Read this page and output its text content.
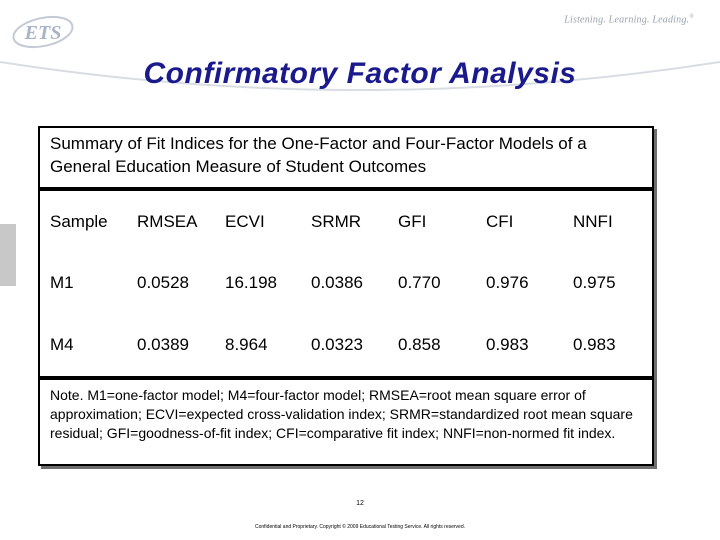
ETS
Listening. Learning. Leading.®
Confirmatory Factor Analysis
Summary of Fit Indices for the One-Factor and Four-Factor Models of a General Education Measure of Student Outcomes
Sample	RMSEA	ECVI	SRMR	GFI	CFI	NNFI
M1	0.0528	16.198	0.0386	0.770	0.976	0.975
M4	0.0389	8.964	0.0323	0.858	0.983	0.983
Note. M1=one-factor model; M4=four-factor model; RMSEA=root mean square error of approximation; ECVI=expected cross-validation index; SRMR=standardized root mean square residual; GFI=goodness-of-fit index; CFI=comparative fit index; NNFI=non-normed fit index.
12
Confidential and Proprietary. Copyright © 2009 Educational Testing Service. All rights reserved.
